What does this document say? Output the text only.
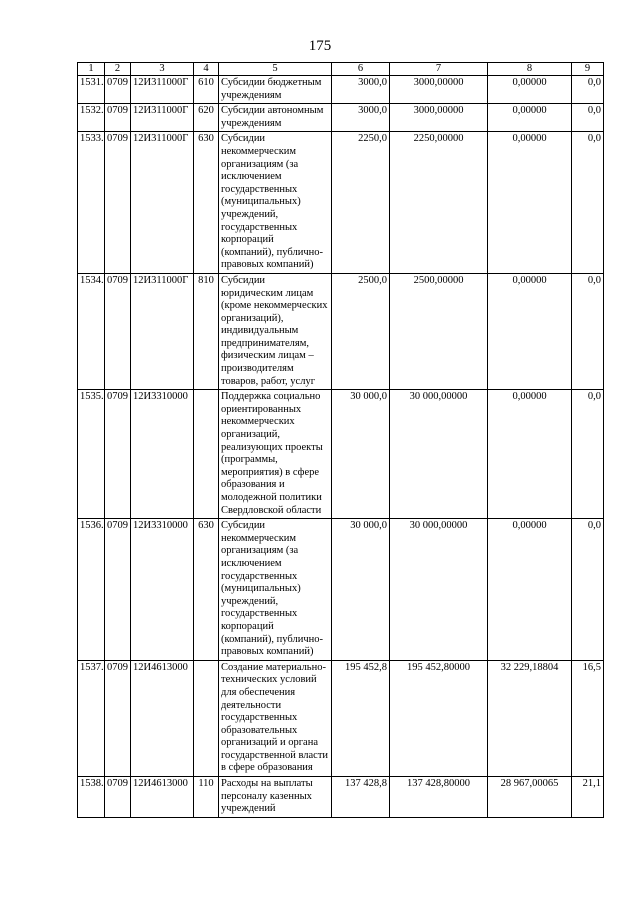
175
1	2	3	4	5	6	7	8	9
1531.	0709	12И311000Г	610	Субсидии бюджетным учреждениям	3000,0	3000,00000	0,00000	0,0
1532.	0709	12И311000Г	620	Субсидии автономным учреждениям	3000,0	3000,00000	0,00000	0,0
1533.	0709	12И311000Г	630	Субсидии некоммерческим организациям (за исключением государственных (муниципальных) учреждений, государственных корпораций (компаний), публично-правовых компаний)	2250,0	2250,00000	0,00000	0,0
1534.	0709	12И311000Г	810	Субсидии юридическим лицам (кроме некоммерческих организаций), индивидуальным предпринимателям, физическим лицам – производителям товаров, работ, услуг	2500,0	2500,00000	0,00000	0,0
1535.	0709	12И3310000		Поддержка социально ориентированных некоммерческих организаций, реализующих проекты (программы, мероприятия) в сфере образования и молодежной политики Свердловской области	30 000,0	30 000,00000	0,00000	0,0
1536.	0709	12И3310000	630	Субсидии некоммерческим организациям (за исключением государственных (муниципальных) учреждений, государственных корпораций (компаний), публично-правовых компаний)	30 000,0	30 000,00000	0,00000	0,0
1537.	0709	12И4613000		Создание материально-технических условий для обеспечения деятельности государственных образовательных организаций и органа государственной власти в сфере образования	195 452,8	195 452,80000	32 229,18804	16,5
1538.	0709	12И4613000	110	Расходы на выплаты персоналу казенных учреждений	137 428,8	137 428,80000	28 967,00065	21,1
